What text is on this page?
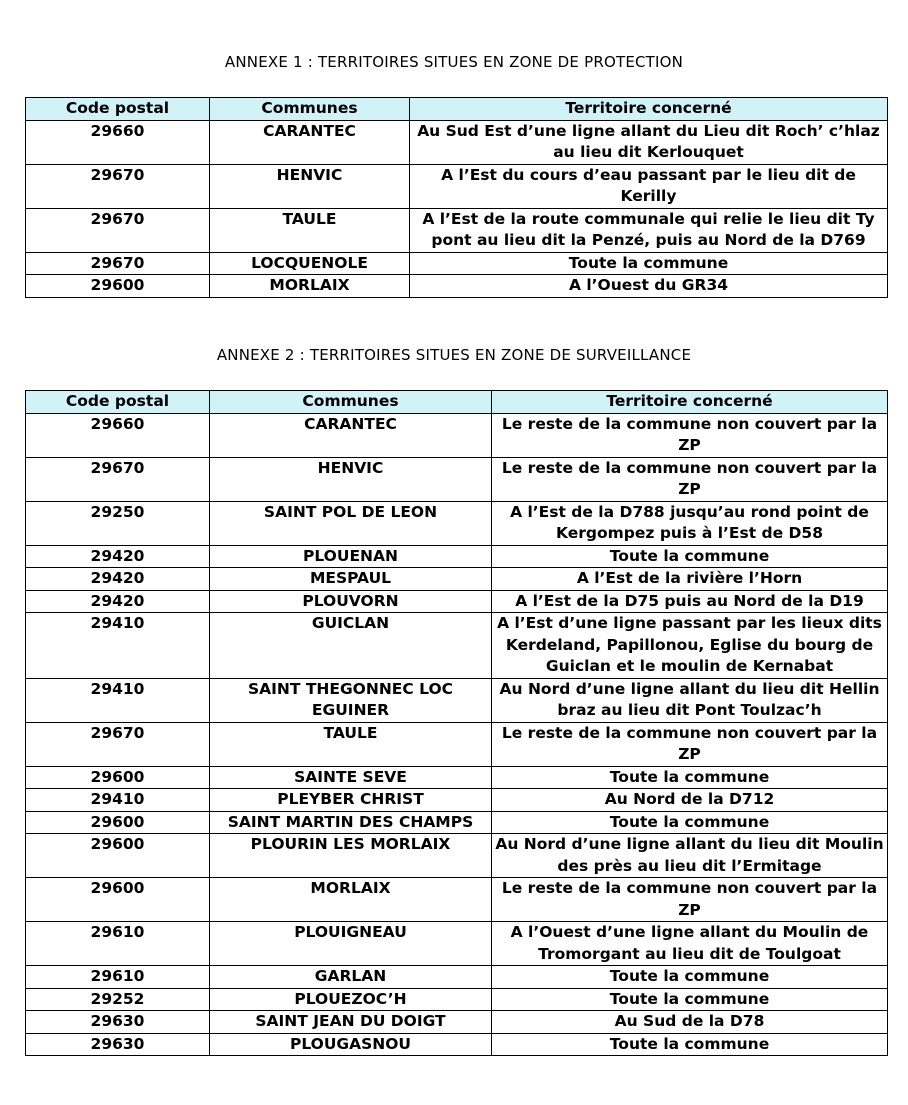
ANNEXE 1 : TERRITOIRES SITUES EN ZONE DE PROTECTION
Code postal	Communes	Territoire concerné
29660	CARANTEC	Au Sud Est d’une ligne allant du Lieu dit Roch’ c’hlaz au lieu dit Kerlouquet
29670	HENVIC	A l’Est du cours d’eau passant par le lieu dit de Kerilly
29670	TAULE	A l’Est de la route communale qui relie le lieu dit Ty pont au lieu dit la Penzé, puis au Nord de la D769
29670	LOCQUENOLE	Toute la commune
29600	MORLAIX	A l’Ouest du GR34
ANNEXE 2 : TERRITOIRES SITUES EN ZONE DE SURVEILLANCE
Code postal	Communes	Territoire concerné
29660	CARANTEC	Le reste de la commune non couvert par la ZP
29670	HENVIC	Le reste de la commune non couvert par la ZP
29250	SAINT POL DE LEON	A l’Est de la D788 jusqu’au rond point de Kergompez puis à l’Est de D58
29420	PLOUENAN	Toute la commune
29420	MESPAUL	A l’Est de la rivière l’Horn
29420	PLOUVORN	A l’Est de la D75 puis au Nord de la D19
29410	GUICLAN	A l’Est d’une ligne passant par les lieux dits Kerdeland, Papillonou, Eglise du bourg de Guiclan et le moulin de Kernabat
29410	SAINT THEGONNEC LOC EGUINER	Au Nord d’une ligne allant du lieu dit Hellin braz au lieu dit Pont Toulzac’h
29670	TAULE	Le reste de la commune non couvert par la ZP
29600	SAINTE SEVE	Toute la commune
29410	PLEYBER CHRIST	Au Nord de la D712
29600	SAINT MARTIN DES CHAMPS	Toute la commune
29600	PLOURIN LES MORLAIX	Au Nord d’une ligne allant du lieu dit Moulin des près au lieu dit l’Ermitage
29600	MORLAIX	Le reste de la commune non couvert par la ZP
29610	PLOUIGNEAU	A l’Ouest d’une ligne allant du Moulin de Tromorgant au lieu dit de Toulgoat
29610	GARLAN	Toute la commune
29252	PLOUEZOC’H	Toute la commune
29630	SAINT JEAN DU DOIGT	Au Sud de la D78
29630	PLOUGASNOU	Toute la commune
